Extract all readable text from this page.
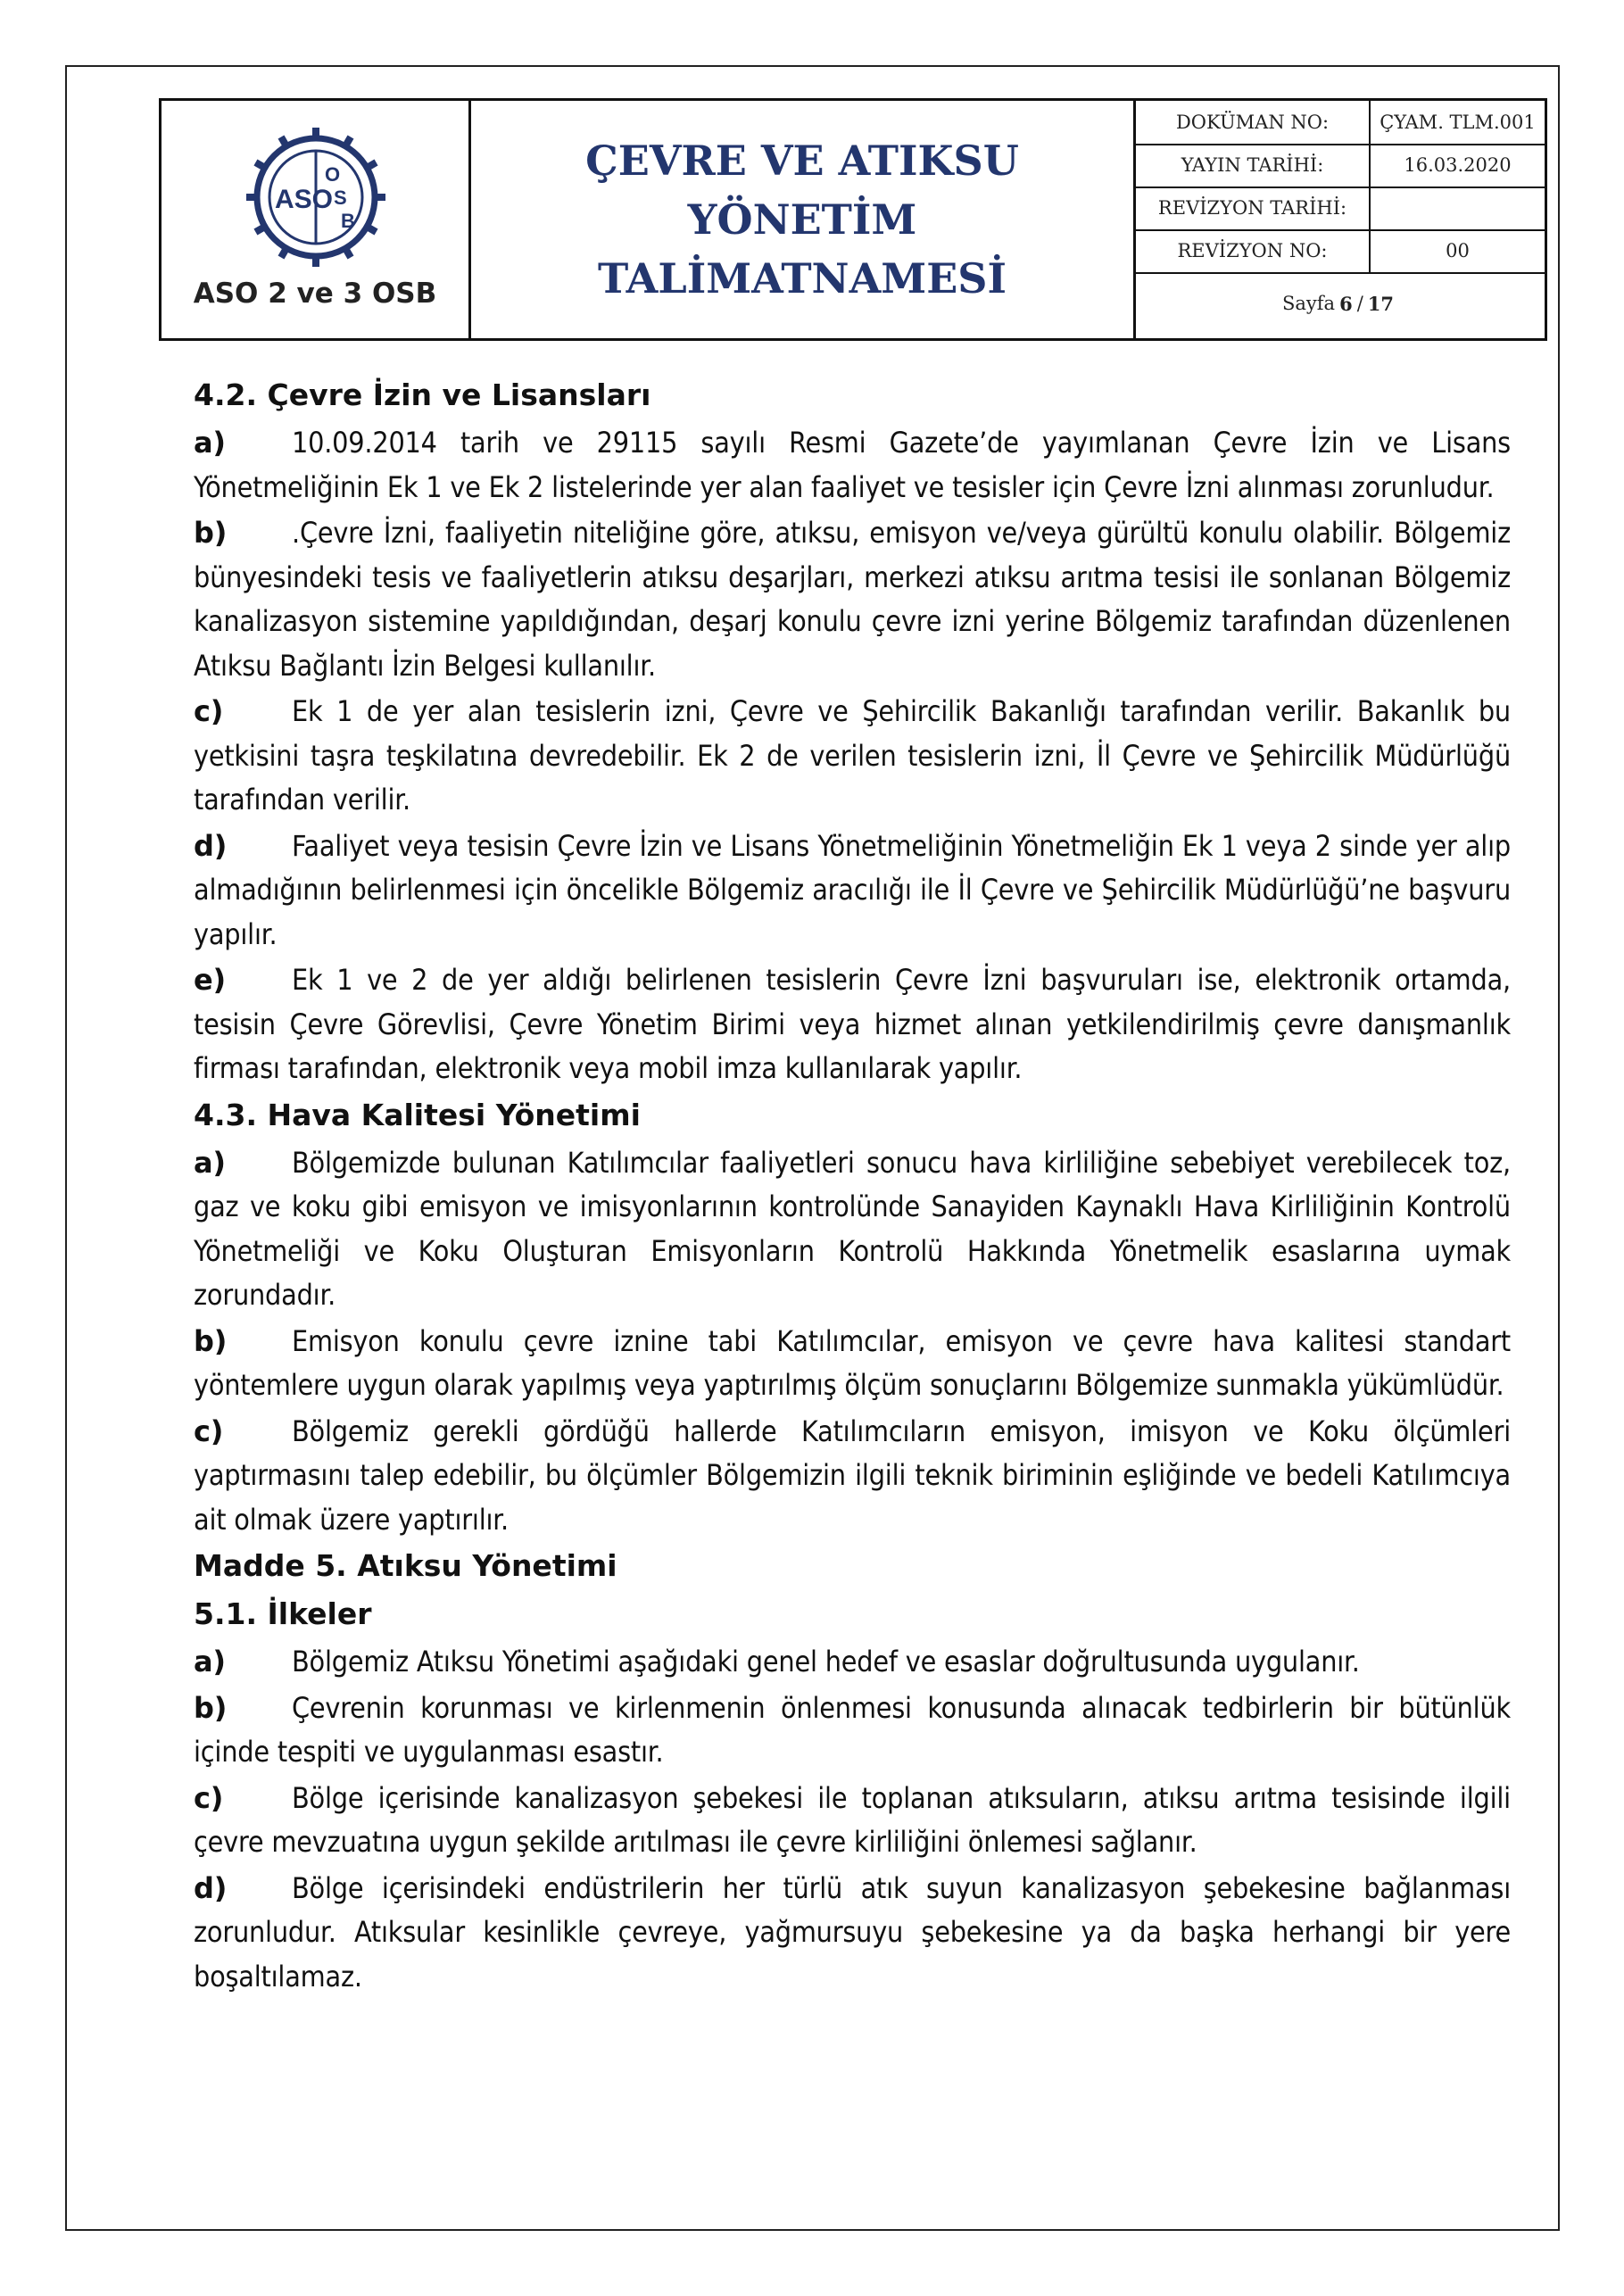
ASO
O
S
B
ASO 2 ve 3 OSB
ÇEVRE VE ATIKSU YÖNETİM
TALİMATNAMESİ
DOKÜMAN NO:	ÇYAM. TLM.001
YAYIN TARİHİ:	16.03.2020
REVİZYON TARİHİ:
REVİZYON NO:	00
Sayfa 6 / 17
4.2. Çevre İzin ve Lisansları
a) 10.09.2014 tarih ve 29115 sayılı Resmi Gazete’de yayımlanan Çevre İzin ve Lisans Yönetmeliğinin Ek 1 ve Ek 2 listelerinde yer alan faaliyet ve tesisler için Çevre İzni alınması zorunludur.
b) .Çevre İzni, faaliyetin niteliğine göre, atıksu, emisyon ve/veya gürültü konulu olabilir. Bölgemiz bünyesindeki tesis ve faaliyetlerin atıksu deşarjları, merkezi atıksu arıtma tesisi ile sonlanan Bölgemiz kanalizasyon sistemine yapıldığından, deşarj konulu çevre izni yerine Bölgemiz tarafından düzenlenen Atıksu Bağlantı İzin Belgesi kullanılır.
c) Ek 1 de yer alan tesislerin izni, Çevre ve Şehircilik Bakanlığı tarafından verilir. Bakanlık bu yetkisini taşra teşkilatına devredebilir. Ek 2 de verilen tesislerin izni, İl Çevre ve Şehircilik Müdürlüğü tarafından verilir.
d) Faaliyet veya tesisin Çevre İzin ve Lisans Yönetmeliğinin Yönetmeliğin Ek 1 veya 2 sinde yer alıp almadığının belirlenmesi için öncelikle Bölgemiz aracılığı ile İl Çevre ve Şehircilik Müdürlüğü’ne başvuru yapılır.
e) Ek 1 ve 2 de yer aldığı belirlenen tesislerin Çevre İzni başvuruları ise, elektronik ortamda, tesisin Çevre Görevlisi, Çevre Yönetim Birimi veya hizmet alınan yetkilendirilmiş çevre danışmanlık firması tarafından, elektronik veya mobil imza kullanılarak yapılır.
4.3. Hava Kalitesi Yönetimi
a) Bölgemizde bulunan Katılımcılar faaliyetleri sonucu hava kirliliğine sebebiyet verebilecek toz, gaz ve koku gibi emisyon ve imisyonlarının kontrolünde Sanayiden Kaynaklı Hava Kirliliğinin Kontrolü Yönetmeliği ve Koku Oluşturan Emisyonların Kontrolü Hakkında Yönetmelik esaslarına uymak zorundadır.
b) Emisyon konulu çevre iznine tabi Katılımcılar, emisyon ve çevre hava kalitesi standart yöntemlere uygun olarak yapılmış veya yaptırılmış ölçüm sonuçlarını Bölgemize sunmakla yükümlüdür.
c) Bölgemiz gerekli gördüğü hallerde Katılımcıların emisyon, imisyon ve Koku ölçümleri yaptırmasını talep edebilir, bu ölçümler Bölgemizin ilgili teknik biriminin eşliğinde ve bedeli Katılımcıya ait olmak üzere yaptırılır.
Madde 5. Atıksu Yönetimi
5.1. İlkeler
a) Bölgemiz Atıksu Yönetimi aşağıdaki genel hedef ve esaslar doğrultusunda uygulanır.
b) Çevrenin korunması ve kirlenmenin önlenmesi konusunda alınacak tedbirlerin bir bütünlük içinde tespiti ve uygulanması esastır.
c) Bölge içerisinde kanalizasyon şebekesi ile toplanan atıksuların, atıksu arıtma tesisinde ilgili çevre mevzuatına uygun şekilde arıtılması ile çevre kirliliğini önlemesi sağlanır.
d) Bölge içerisindeki endüstrilerin her türlü atık suyun kanalizasyon şebekesine bağlanması zorunludur. Atıksular kesinlikle çevreye, yağmursuyu şebekesine ya da başka herhangi bir yere boşaltılamaz.
